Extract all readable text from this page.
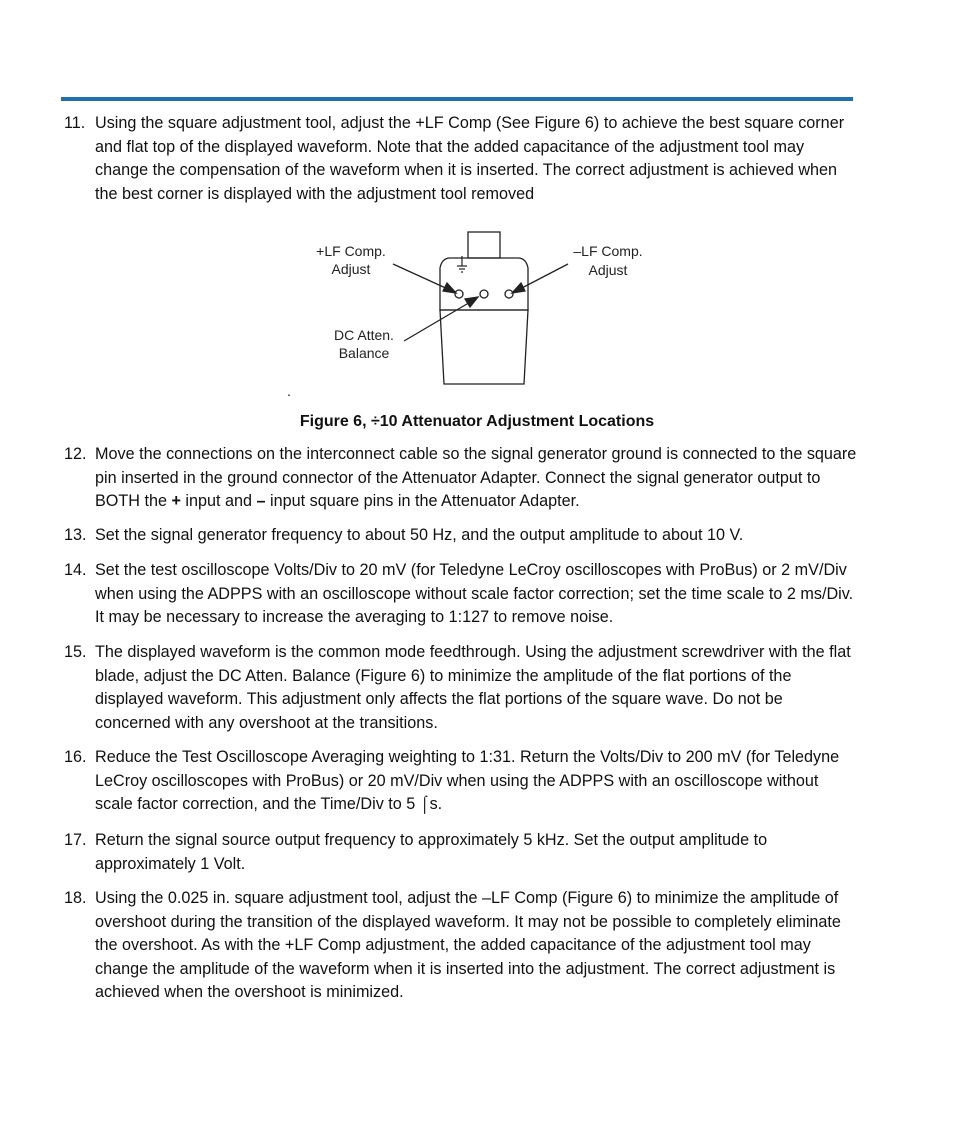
11. Using the square adjustment tool, adjust the +LF Comp (See Figure 6) to achieve the best square corner and flat top of the displayed waveform. Note that the added capacitance of the adjustment tool may change the compensation of the waveform when it is inserted. The correct adjustment is achieved when the best corner is displayed with the adjustment tool removed
+LF Comp.
Adjust
–LF Comp.
Adjust
DC Atten.
Balance
.
Figure 6, ÷10 Attenuator Adjustment Locations
12. Move the connections on the interconnect cable so the signal generator ground is connected to the square pin inserted in the ground connector of the Attenuator Adapter. Connect the signal generator output to BOTH the + input and – input square pins in the Attenuator Adapter.
13. Set the signal generator frequency to about 50 Hz, and the output amplitude to about 10 V.
14. Set the test oscilloscope Volts/Div to 20 mV (for Teledyne LeCroy oscilloscopes with ProBus) or 2 mV/Div when using the ADPPS with an oscilloscope without scale factor correction; set the time scale to 2 ms/Div. It may be necessary to increase the averaging to 1:127 to remove noise.
15. The displayed waveform is the common mode feedthrough. Using the adjustment screwdriver with the flat blade, adjust the DC Atten. Balance (Figure 6) to minimize the amplitude of the flat portions of the displayed waveform. This adjustment only affects the flat portions of the square wave. Do not be concerned with any overshoot at the transitions.
16. Reduce the Test Oscilloscope Averaging weighting to 1:31. Return the Volts/Div to 200 mV (for Teledyne LeCroy oscilloscopes with ProBus) or 20 mV/Div when using the ADPPS with an oscilloscope without scale factor correction, and the Time/Div to 5 ⌠s.
17. Return the signal source output frequency to approximately 5 kHz. Set the output amplitude to approximately 1 Volt.
18. Using the 0.025 in. square adjustment tool, adjust the –LF Comp (Figure 6) to minimize the amplitude of overshoot during the transition of the displayed waveform. It may not be possible to completely eliminate the overshoot. As with the +LF Comp adjustment, the added capacitance of the adjustment tool may change the amplitude of the waveform when it is inserted into the adjustment. The correct adjustment is achieved when the overshoot is minimized.
